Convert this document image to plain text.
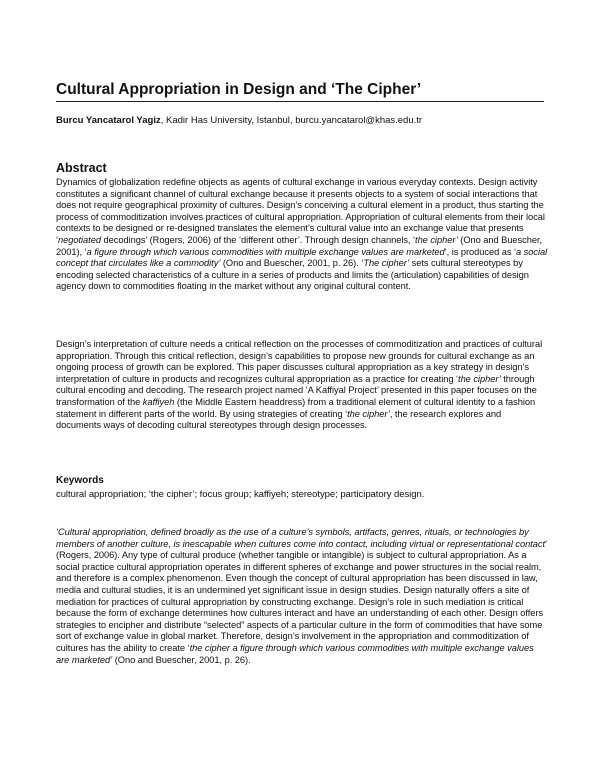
Cultural Appropriation in Design and ‘The Cipher’
Burcu Yancatarol Yagiz, Kadir Has University, Istanbul, burcu.yancatarol@khas.edu.tr
Abstract

Dynamics of globalization redefine objects as agents of cultural exchange in various everyday contexts. Design activity constitutes a significant channel of cultural exchange because it presents objects to a system of social interactions that does not require geographical proximity of cultures. Design’s conceiving a cultural element in a product, thus starting the process of commoditization involves practices of cultural appropriation. Appropriation of cultural elements from their local contexts to be designed or re-designed translates the element’s cultural value into an exchange value that presents ‘negotiated decodings’ (Rogers, 2006) of the ‘different other’. Through design channels, ‘the cipher’ (Ono and Buescher, 2001), ‘a figure through which various commodities with multiple exchange values are marketed’, is produced as ‘a social concept that circulates like a commodity’ (Ono and Buescher, 2001, p. 26). ‘The cipher’ sets cultural stereotypes by encoding selected characteristics of a culture in a series of products and limits the (articulation) capabilities of design agency down to commodities floating in the market without any original cultural content.

Design’s interpretation of culture needs a critical reflection on the processes of commoditization and practices of cultural appropriation. Through this critical reflection, design’s capabilities to propose new grounds for cultural exchange as an ongoing process of growth can be explored. This paper discusses cultural appropriation as a key strategy in design’s interpretation of culture in products and recognizes cultural appropriation as a practice for creating ‘the cipher’ through cultural encoding and decoding. The research project named ‘A Kaffiyal Project’ presented in this paper focuses on the transformation of the kaffiyeh (the Middle Eastern headdress) from a traditional element of cultural identity to a fashion statement in different parts of the world. By using strategies of creating ‘the cipher’, the research explores and documents ways of decoding cultural stereotypes through design processes.

Keywords

cultural appropriation; ‘the cipher’; focus group; kaffiyeh; stereotype; participatory design.

‘Cultural appropriation, defined broadly as the use of a culture’s symbols, artifacts, genres, rituals, or technologies by members of another culture, is inescapable when cultures come into contact, including virtual or representational contact’ (Rogers, 2006). Any type of cultural produce (whether tangible or intangible) is subject to cultural appropriation. As a social practice cultural appropriation operates in different spheres of exchange and power structures in the social realm, and therefore is a complex phenomenon. Even though the concept of cultural appropriation has been discussed in law, media and cultural studies, it is an undermined yet significant issue in design studies. Design naturally offers a site of mediation for practices of cultural appropriation by constructing exchange. Design’s role in such mediation is critical because the form of exchange determines how cultures interact and have an understanding of each other. Design offers strategies to encipher and distribute “selected” aspects of a particular culture in the form of commodities that have some sort of exchange value in global market. Therefore, design’s involvement in the appropriation and commoditization of cultures has the ability to create ‘the cipher a figure through which various commodities with multiple exchange values are marketed’ (Ono and Buescher, 2001, p. 26).
